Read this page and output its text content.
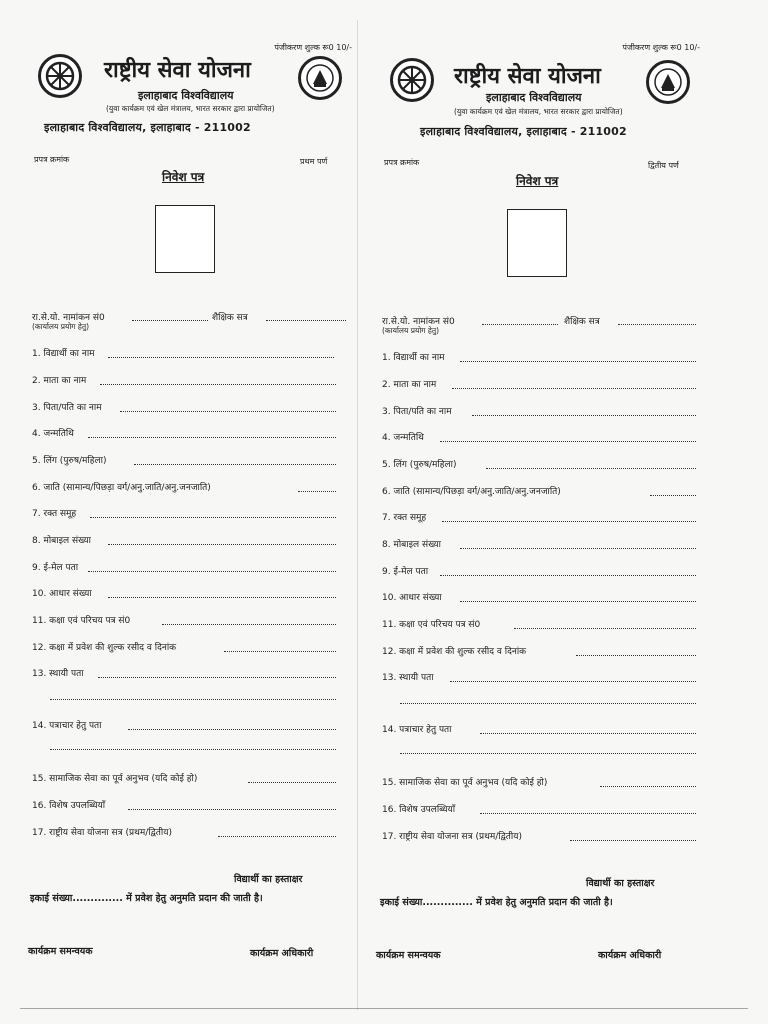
पंजीकरण शुल्क रू0 10/-
राष्ट्रीय सेवा योजना
इलाहाबाद विश्वविद्यालय
(युवा कार्यक्रम एवं खेल मंत्रालय, भारत सरकार द्वारा प्रायोजित)
इलाहाबाद विश्वविद्यालय, इलाहाबाद - 211002
प्रपत्र क्रमांक	प्रथम पर्ण
निवेश पत्र
रा.से.यो. नामांकन सं0	शैक्षिक सत्र
(कार्यालय प्रयोग हेतु)
1. विद्यार्थी का नाम
2. माता का नाम
3. पिता/पति का नाम
4. जन्मतिथि
5. लिंग (पुरुष/महिला)
6. जाति (सामान्य/पिछड़ा वर्ग/अनु.जाति/अनु.जनजाति)
7. रक्त समूह
8. मोबाइल संख्या
9. ई-मेल पता
10. आधार संख्या
11. कक्षा एवं परिचय पत्र सं0
12. कक्षा में प्रवेश की शुल्क रसीद व दिनांक
13. स्थायी पता
14. पत्राचार हेतु पता
15. सामाजिक सेवा का पूर्व अनुभव (यदि कोई हो)
16. विशेष उपलब्धियाँ
17. राष्ट्रीय सेवा योजना सत्र (प्रथम/द्वितीय)
विद्यार्थी का हस्ताक्षर
इकाई संख्या.............. में प्रवेश हेतु अनुमति प्रदान की जाती है।
कार्यक्रम समन्वयक	कार्यक्रम अधिकारी
पंजीकरण शुल्क रू0 10/-
राष्ट्रीय सेवा योजना
इलाहाबाद विश्वविद्यालय
(युवा कार्यक्रम एवं खेल मंत्रालय, भारत सरकार द्वारा प्रायोजित)
इलाहाबाद विश्वविद्यालय, इलाहाबाद - 211002
प्रपत्र क्रमांक	द्वितीय पर्ण
निवेश पत्र
रा.से.यो. नामांकन सं0	शैक्षिक सत्र
(कार्यालय प्रयोग हेतु)
1. विद्यार्थी का नाम
2. माता का नाम
3. पिता/पति का नाम
4. जन्मतिथि
5. लिंग (पुरुष/महिला)
6. जाति (सामान्य/पिछड़ा वर्ग/अनु.जाति/अनु.जनजाति)
7. रक्त समूह
8. मोबाइल संख्या
9. ई-मेल पता
10. आधार संख्या
11. कक्षा एवं परिचय पत्र सं0
12. कक्षा में प्रवेश की शुल्क रसीद व दिनांक
13. स्थायी पता
14. पत्राचार हेतु पता
15. सामाजिक सेवा का पूर्व अनुभव (यदि कोई हो)
16. विशेष उपलब्धियाँ
17. राष्ट्रीय सेवा योजना सत्र (प्रथम/द्वितीय)
विद्यार्थी का हस्ताक्षर
इकाई संख्या.............. में प्रवेश हेतु अनुमति प्रदान की जाती है।
कार्यक्रम समन्वयक	कार्यक्रम अधिकारी
